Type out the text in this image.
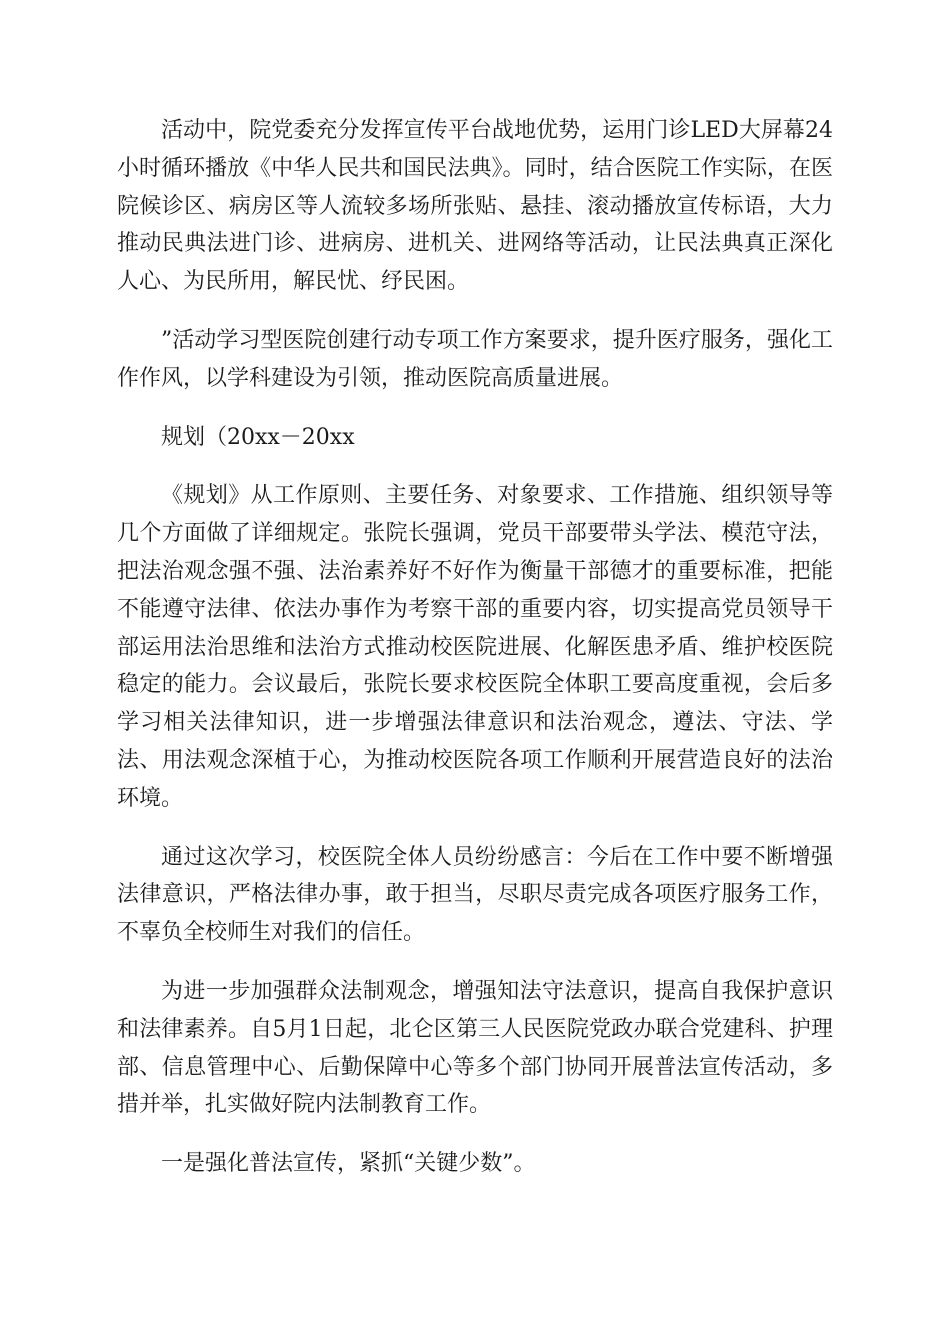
活动中，院党委充分发挥宣传平台战地优势，运用门诊LED大屏幕24小时循环播放《中华人民共和国民法典》。同时，结合医院工作实际，在医院候诊区、病房区等人流较多场所张贴、悬挂、滚动播放宣传标语，大力推动民典法进门诊、进病房、进机关、进网络等活动，让民法典真正深化人心、为民所用，解民忧、纾民困。

”活动学习型医院创建行动专项工作方案要求，提升医疗服务，强化工作作风，以学科建设为引领，推动医院高质量进展。

规划（20xx－20xx

《规划》从工作原则、主要任务、对象要求、工作措施、组织领导等几个方面做了详细规定。张院长强调，党员干部要带头学法、模范守法，把法治观念强不强、法治素养好不好作为衡量干部德才的重要标准，把能不能遵守法律、依法办事作为考察干部的重要内容，切实提高党员领导干部运用法治思维和法治方式推动校医院进展、化解医患矛盾、维护校医院稳定的能力。会议最后，张院长要求校医院全体职工要高度重视，会后多学习相关法律知识，进一步增强法律意识和法治观念，遵法、守法、学法、用法观念深植于心，为推动校医院各项工作顺利开展营造良好的法治环境。

通过这次学习，校医院全体人员纷纷感言：今后在工作中要不断增强法律意识，严格法律办事，敢于担当，尽职尽责完成各项医疗服务工作，不辜负全校师生对我们的信任。

为进一步加强群众法制观念，增强知法守法意识，提高自我保护意识和法律素养。自5月1日起，北仑区第三人民医院党政办联合党建科、护理部、信息管理中心、后勤保障中心等多个部门协同开展普法宣传活动，多措并举，扎实做好院内法制教育工作。

一是强化普法宣传，紧抓“关键少数”。
